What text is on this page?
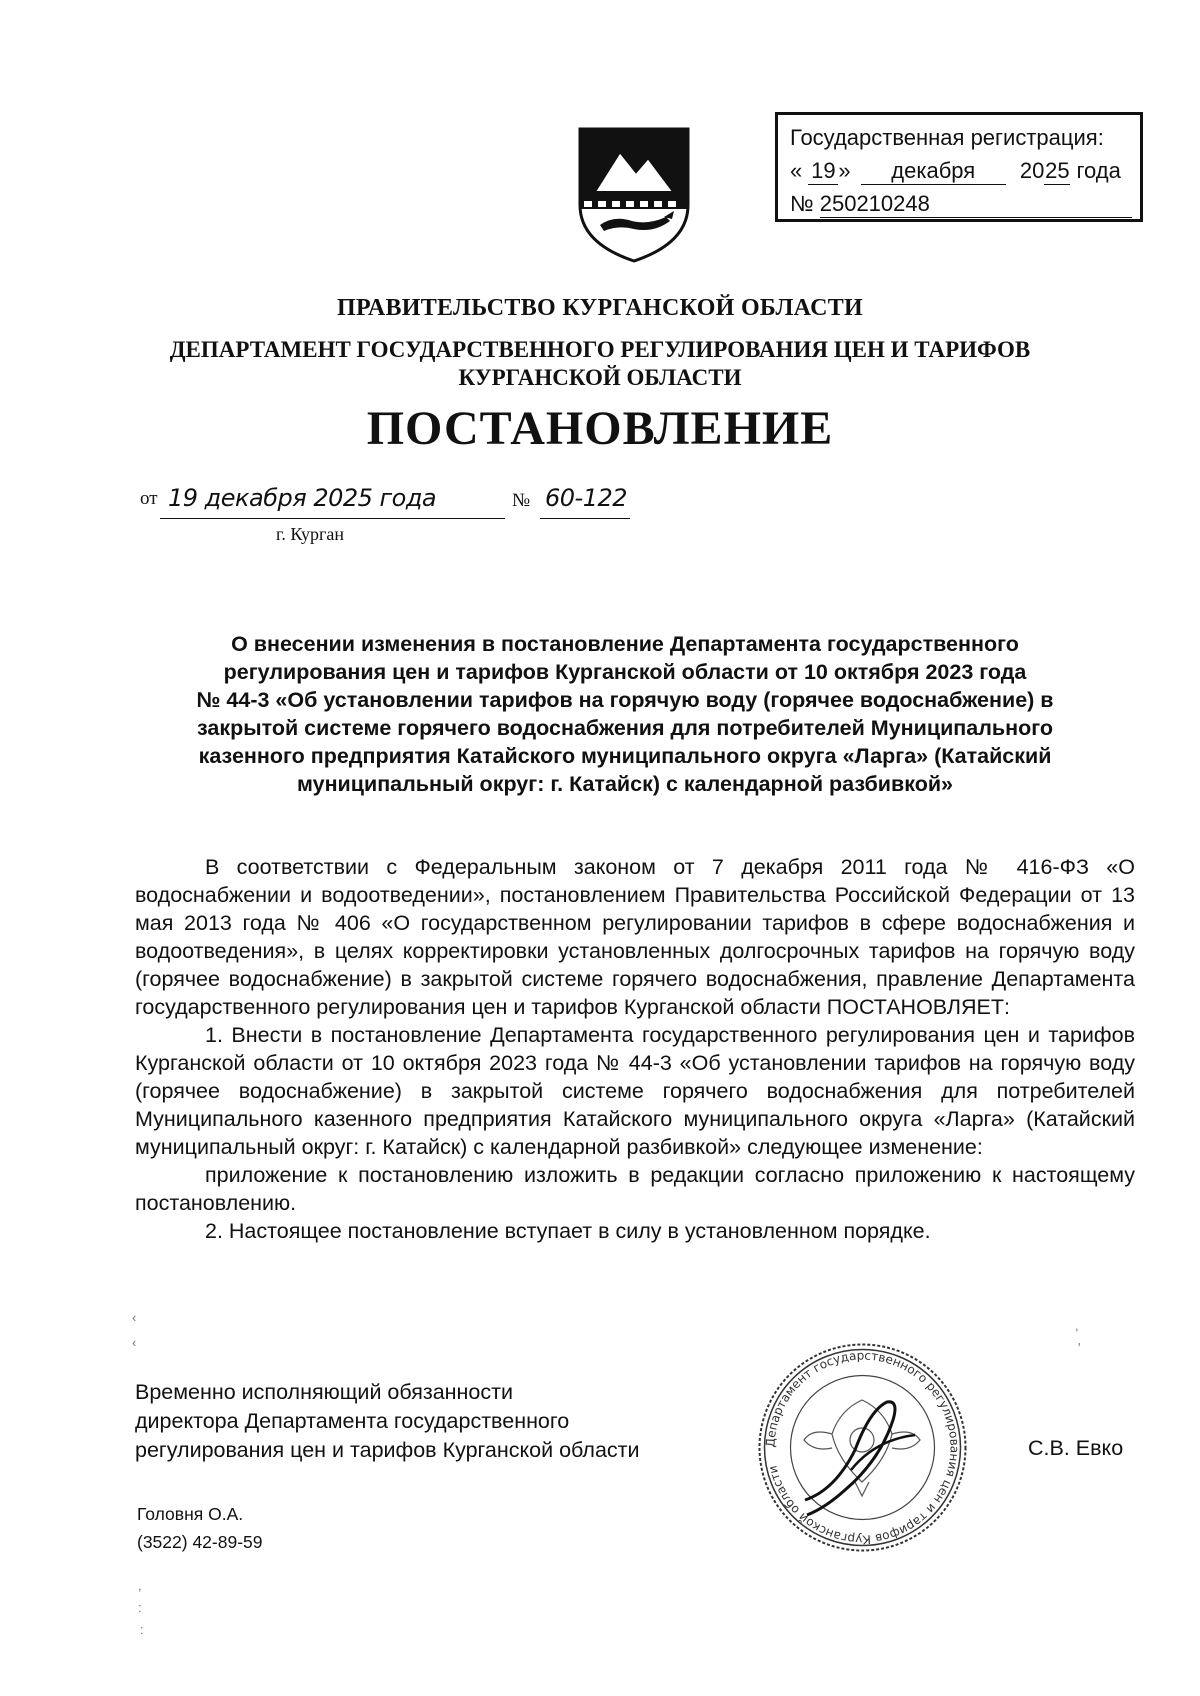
Государственная регистрация:
« 19 » декабря 2025 года
№ 250210248
ПРАВИТЕЛЬСТВО КУРГАНСКОЙ ОБЛАСТИ
ДЕПАРТАМЕНТ ГОСУДАРСТВЕННОГО РЕГУЛИРОВАНИЯ ЦЕН И ТАРИФОВ
КУРГАНСКОЙ ОБЛАСТИ
ПОСТАНОВЛЕНИЕ
от 19 декабря 2025 года	№ 60-122
г. Курган
О внесении изменения в постановление Департамента государственного
регулирования цен и тарифов Курганской области от 10 октября 2023 года
№ 44-3 «Об установлении тарифов на горячую воду (горячее водоснабжение) в
закрытой системе горячего водоснабжения для потребителей Муниципального
казенного предприятия Катайского муниципального округа «Ларга» (Катайский
муниципальный округ: г. Катайск) с календарной разбивкой»

В соответствии с Федеральным законом от 7 декабря 2011 года № 416-ФЗ «О водоснабжении и водоотведении», постановлением Правительства Российской Федерации от 13 мая 2013 года № 406 «О государственном регулировании тарифов в сфере водоснабжения и водоотведения», в целях корректировки установленных долгосрочных тарифов на горячую воду (горячее водоснабжение) в закрытой системе горячего водоснабжения, правление Департамента государственного регулирования цен и тарифов Курганской области ПОСТАНОВЛЯЕТ:

1. Внести в постановление Департамента государственного регулирования цен и тарифов Курганской области от 10 октября 2023 года № 44-3 «Об установлении тарифов на горячую воду (горячее водоснабжение) в закрытой системе горячего водоснабжения для потребителей Муниципального казенного предприятия Катайского муниципального округа «Ларга» (Катайский муниципальный округ: г. Катайск) с календарной разбивкой» следующее изменение:

приложение к постановлению изложить в редакции согласно приложению к настоящему постановлению.

2. Настоящее постановление вступает в силу в установленном порядке.

Временно исполняющий обязанности
директора Департамента государственного
регулирования цен и тарифов Курганской области	Департамент государственного регулирования цен и тарифов Курганской области
С.В. Евко
Головня О.А.
(3522) 42-89-59
‹
‹
,
'
,
:
:
